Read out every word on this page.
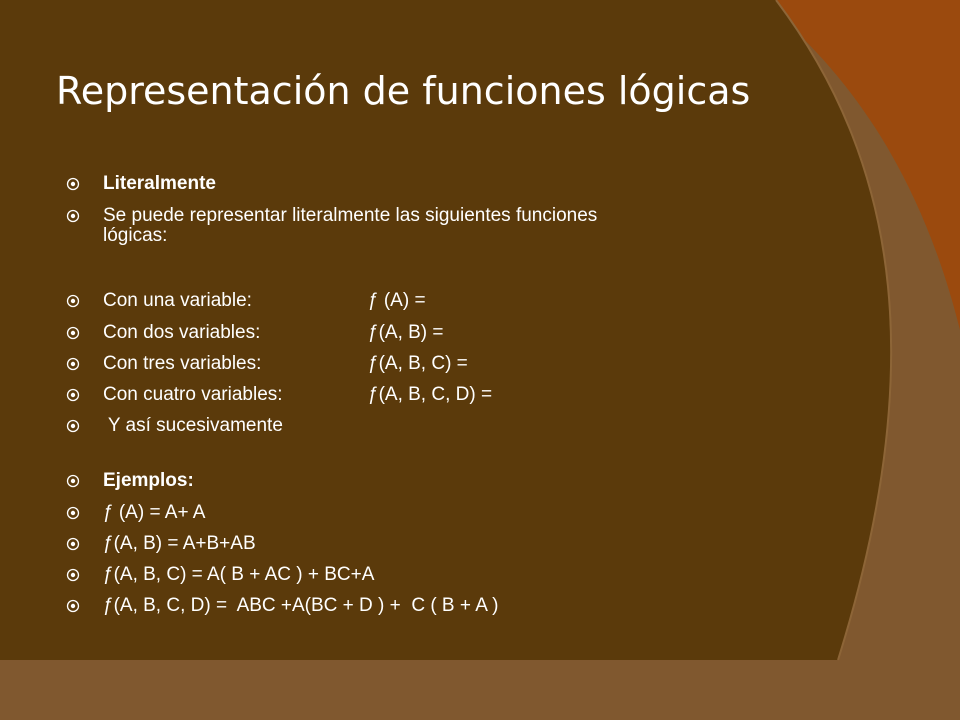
Representación de funciones lógicas
Literalmente
Se puede representar literalmente las siguientes funciones
lógicas:
Con una variable:	ƒ (A) =
Con dos variables:	ƒ(A, B) =
Con tres variables:	ƒ(A, B, C) =
Con cuatro variables:	ƒ(A, B, C, D) =
Y así sucesivamente
Ejemplos:
ƒ (A) = A+ A
ƒ(A, B) = A+B+AB
ƒ(A, B, C) = A( B + AC ) + BC+A
ƒ(A, B, C, D) =  ABC +A(BC + D ) +  C ( B + A )
